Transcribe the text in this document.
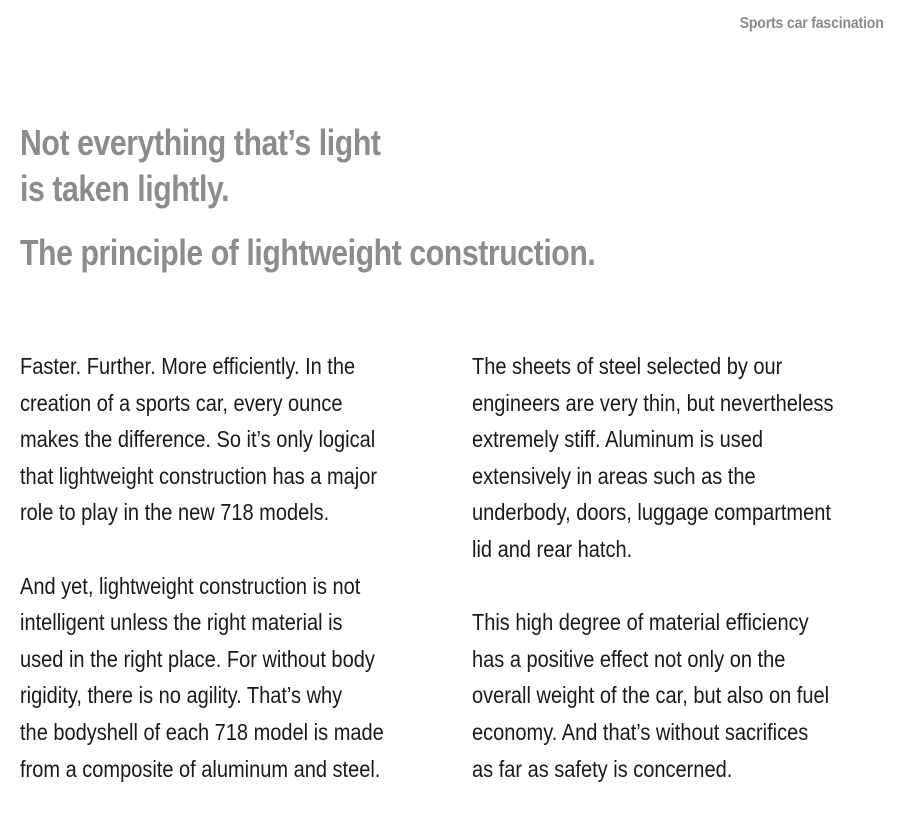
Sports car fascination
Not everything that’s light
is taken lightly.
The principle of lightweight construction.

Faster. Further. More efficiently. In the
creation of a sports car, every ounce
makes the difference. So it’s only logical
that lightweight construction has a major
role to play in the new 718 models.

And yet, lightweight construction is not
intelligent unless the right material is
used in the right place. For without body
rigidity, there is no agility. That’s why
the bodyshell of each 718 model is made
from a composite of aluminum and steel.

The sheets of steel selected by our
engineers are very thin, but nevertheless
extremely stiff. Aluminum is used
extensively in areas such as the
underbody, doors, luggage compartment
lid and rear hatch.

This high degree of material efficiency
has a positive effect not only on the
overall weight of the car, but also on fuel
economy. And that’s without sacrifices
as far as safety is concerned.
